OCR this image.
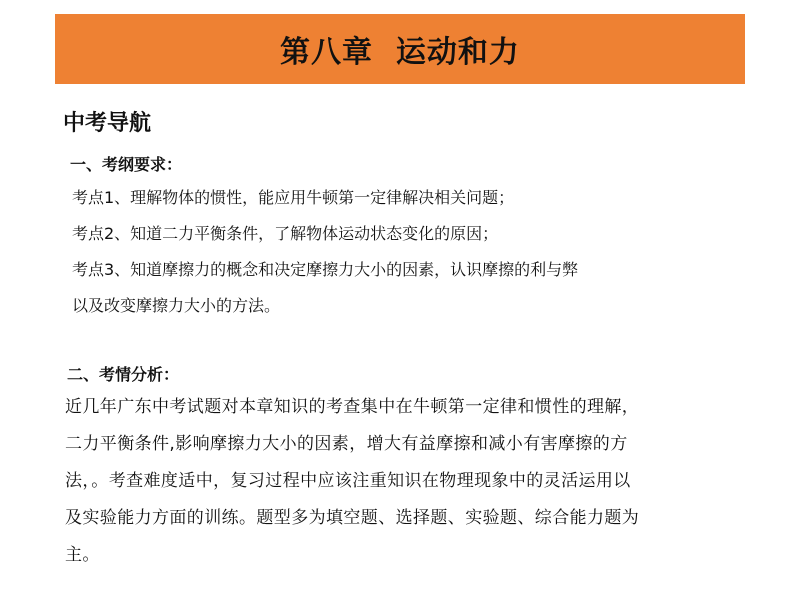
第八章  运动和力
中考导航
一、考纲要求：
考点1、理解物体的惯性，能应用牛顿第一定律解决相关问题；
考点2、知道二力平衡条件，了解物体运动状态变化的原因；
考点3、知道摩擦力的概念和决定摩擦力大小的因素，认识摩擦的利与弊
以及改变摩擦力大小的方法。
二、考情分析：
近几年广东中考试题对本章知识的考查集中在牛顿第一定律和惯性的理解，
二力平衡条件,影响摩擦力大小的因素，增大有益摩擦和减小有害摩擦的方
法，。考查难度适中，复习过程中应该注重知识在物理现象中的灵活运用以
及实验能力方面的训练。题型多为填空题、选择题、实验题、综合能力题为
主。
